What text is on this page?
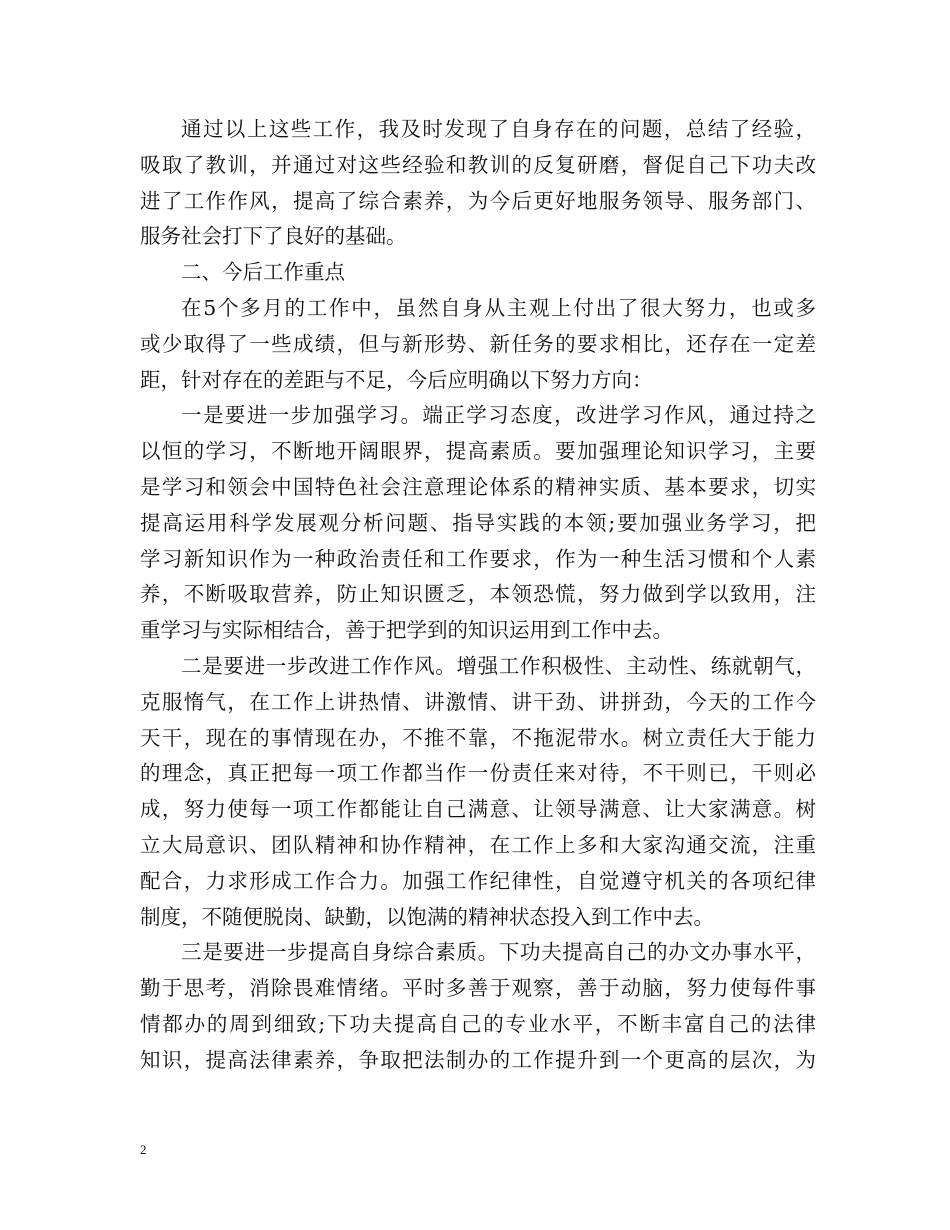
通过以上这些工作，我及时发现了自身存在的问题，总结了经验，
吸取了教训，并通过对这些经验和教训的反复研磨，督促自己下功夫改
进了工作作风，提高了综合素养，为今后更好地服务领导、服务部门、
服务社会打下了良好的基础。
二、今后工作重点
在5个多月的工作中，虽然自身从主观上付出了很大努力，也或多
或少取得了一些成绩，但与新形势、新任务的要求相比，还存在一定差
距，针对存在的差距与不足，今后应明确以下努力方向：
一是要进一步加强学习。端正学习态度，改进学习作风，通过持之
以恒的学习，不断地开阔眼界，提高素质。要加强理论知识学习，主要
是学习和领会中国特色社会注意理论体系的精神实质、基本要求，切实
提高运用科学发展观分析问题、指导实践的本领;要加强业务学习，把
学习新知识作为一种政治责任和工作要求，作为一种生活习惯和个人素
养，不断吸取营养，防止知识匮乏，本领恐慌，努力做到学以致用，注
重学习与实际相结合，善于把学到的知识运用到工作中去。
二是要进一步改进工作作风。增强工作积极性、主动性、练就朝气，
克服惰气，在工作上讲热情、讲激情、讲干劲、讲拼劲，今天的工作今
天干，现在的事情现在办，不推不靠，不拖泥带水。树立责任大于能力
的理念，真正把每一项工作都当作一份责任来对待，不干则已，干则必
成，努力使每一项工作都能让自己满意、让领导满意、让大家满意。树
立大局意识、团队精神和协作精神，在工作上多和大家沟通交流，注重
配合，力求形成工作合力。加强工作纪律性，自觉遵守机关的各项纪律
制度，不随便脱岗、缺勤，以饱满的精神状态投入到工作中去。
三是要进一步提高自身综合素质。下功夫提高自己的办文办事水平，
勤于思考，消除畏难情绪。平时多善于观察，善于动脑，努力使每件事
情都办的周到细致;下功夫提高自己的专业水平，不断丰富自己的法律
知识，提高法律素养，争取把法制办的工作提升到一个更高的层次，为
2
